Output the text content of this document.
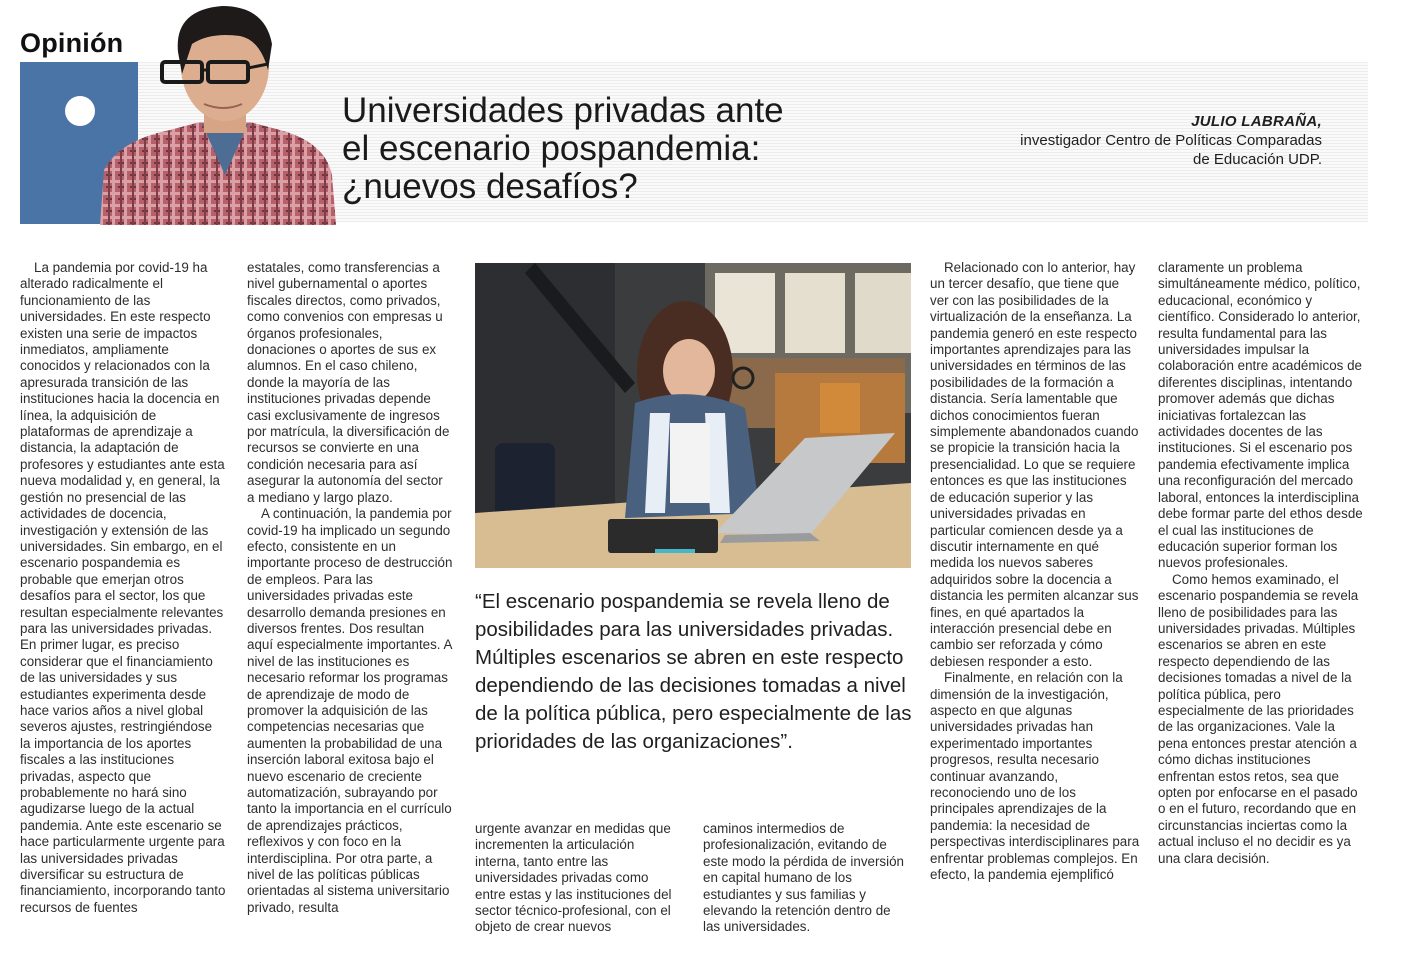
Opinión
Universidades privadas ante
el escenario pospandemia:
¿nuevos desafíos?
JULIO LABRAÑA,
investigador Centro de Políticas Comparadas
de Educación UDP.

La pandemia por covid-19 ha alterado radicalmente el funcionamiento de las universidades. En este respecto existen una serie de impactos inmediatos, ampliamente conocidos y relacionados con la apresurada transición de las instituciones hacia la docencia en línea, la adquisición de plataformas de aprendizaje a distancia, la adaptación de profesores y estudiantes ante esta nueva modalidad y, en general, la gestión no presencial de las actividades de docencia, investigación y extensión de las universidades. Sin embargo, en el escenario pospandemia es probable que emerjan otros desafíos para el sector, los que resultan especialmente relevantes para las universidades privadas. En primer lugar, es preciso considerar que el financiamiento de las universidades y sus estudiantes experimenta desde hace varios años a nivel global severos ajustes, restringiéndose la importancia de los aportes fiscales a las instituciones privadas, aspecto que probablemente no hará sino agudizarse luego de la actual pandemia. Ante este escenario se hace particularmente urgente para las universidades privadas diversificar su estructura de financiamiento, incorporando tanto recursos de fuentes

estatales, como transferencias a nivel gubernamental o aportes fiscales directos, como privados, como convenios con empresas u órganos profesionales, donaciones o aportes de sus ex alumnos. En el caso chileno, donde la mayoría de las instituciones privadas depende casi exclusivamente de ingresos por matrícula, la diversificación de recursos se convierte en una condición necesaria para así asegurar la autonomía del sector a mediano y largo plazo.

A continuación, la pandemia por covid-19 ha implicado un segundo efecto, consistente en un importante proceso de destrucción de empleos. Para las universidades privadas este desarrollo demanda presiones en diversos frentes. Dos resultan aquí especialmente importantes. A nivel de las instituciones es necesario reformar los programas de aprendizaje de modo de promover la adquisición de las competencias necesarias que aumenten la probabilidad de una inserción laboral exitosa bajo el nuevo escenario de creciente automatización, subrayando por tanto la importancia en el currículo de aprendizajes prácticos, reflexivos y con foco en la interdisciplina. Por otra parte, a nivel de las políticas públicas orientadas al sistema universitario privado, resulta

“El escenario pospandemia se revela lleno de posibilidades para las universidades privadas. Múltiples escenarios se abren en este respecto dependiendo de las decisiones tomadas a nivel de la política pública, pero especialmente de las prioridades de las organizaciones”.

urgente avanzar en medidas que incrementen la articulación interna, tanto entre las universidades privadas como entre estas y las instituciones del sector técnico-profesional, con el objeto de crear nuevos

caminos intermedios de profesionalización, evitando de este modo la pérdida de inversión en capital humano de los estudiantes y sus familias y elevando la retención dentro de las universidades.

Relacionado con lo anterior, hay un tercer desafío, que tiene que ver con las posibilidades de la virtualización de la enseñanza. La pandemia generó en este respecto importantes aprendizajes para las universidades en términos de las posibilidades de la formación a distancia. Sería lamentable que dichos conocimientos fueran simplemente abandonados cuando se propicie la transición hacia la presencialidad. Lo que se requiere entonces es que las instituciones de educación superior y las universidades privadas en particular comiencen desde ya a discutir internamente en qué medida los nuevos saberes adquiridos sobre la docencia a distancia les permiten alcanzar sus fines, en qué apartados la interacción presencial debe en cambio ser reforzada y cómo debiesen responder a esto.

Finalmente, en relación con la dimensión de la investigación, aspecto en que algunas universidades privadas han experimentado importantes progresos, resulta necesario continuar avanzando, reconociendo uno de los principales aprendizajes de la pandemia: la necesidad de perspectivas interdisciplinares para enfrentar problemas complejos. En efecto, la pandemia ejemplificó

claramente un problema simultáneamente médico, político, educacional, económico y científico. Considerado lo anterior, resulta fundamental para las universidades impulsar la colaboración entre académicos de diferentes disciplinas, intentando promover además que dichas iniciativas fortalezcan las actividades docentes de las instituciones. Si el escenario pos pandemia efectivamente implica una reconfiguración del mercado laboral, entonces la interdisciplina debe formar parte del ethos desde el cual las instituciones de educación superior forman los nuevos profesionales.

Como hemos examinado, el escenario pospandemia se revela lleno de posibilidades para las universidades privadas. Múltiples escenarios se abren en este respecto dependiendo de las decisiones tomadas a nivel de la política pública, pero especialmente de las prioridades de las organizaciones. Vale la pena entonces prestar atención a cómo dichas instituciones enfrentan estos retos, sea que opten por enfocarse en el pasado o en el futuro, recordando que en circunstancias inciertas como la actual incluso el no decidir es ya una clara decisión.
